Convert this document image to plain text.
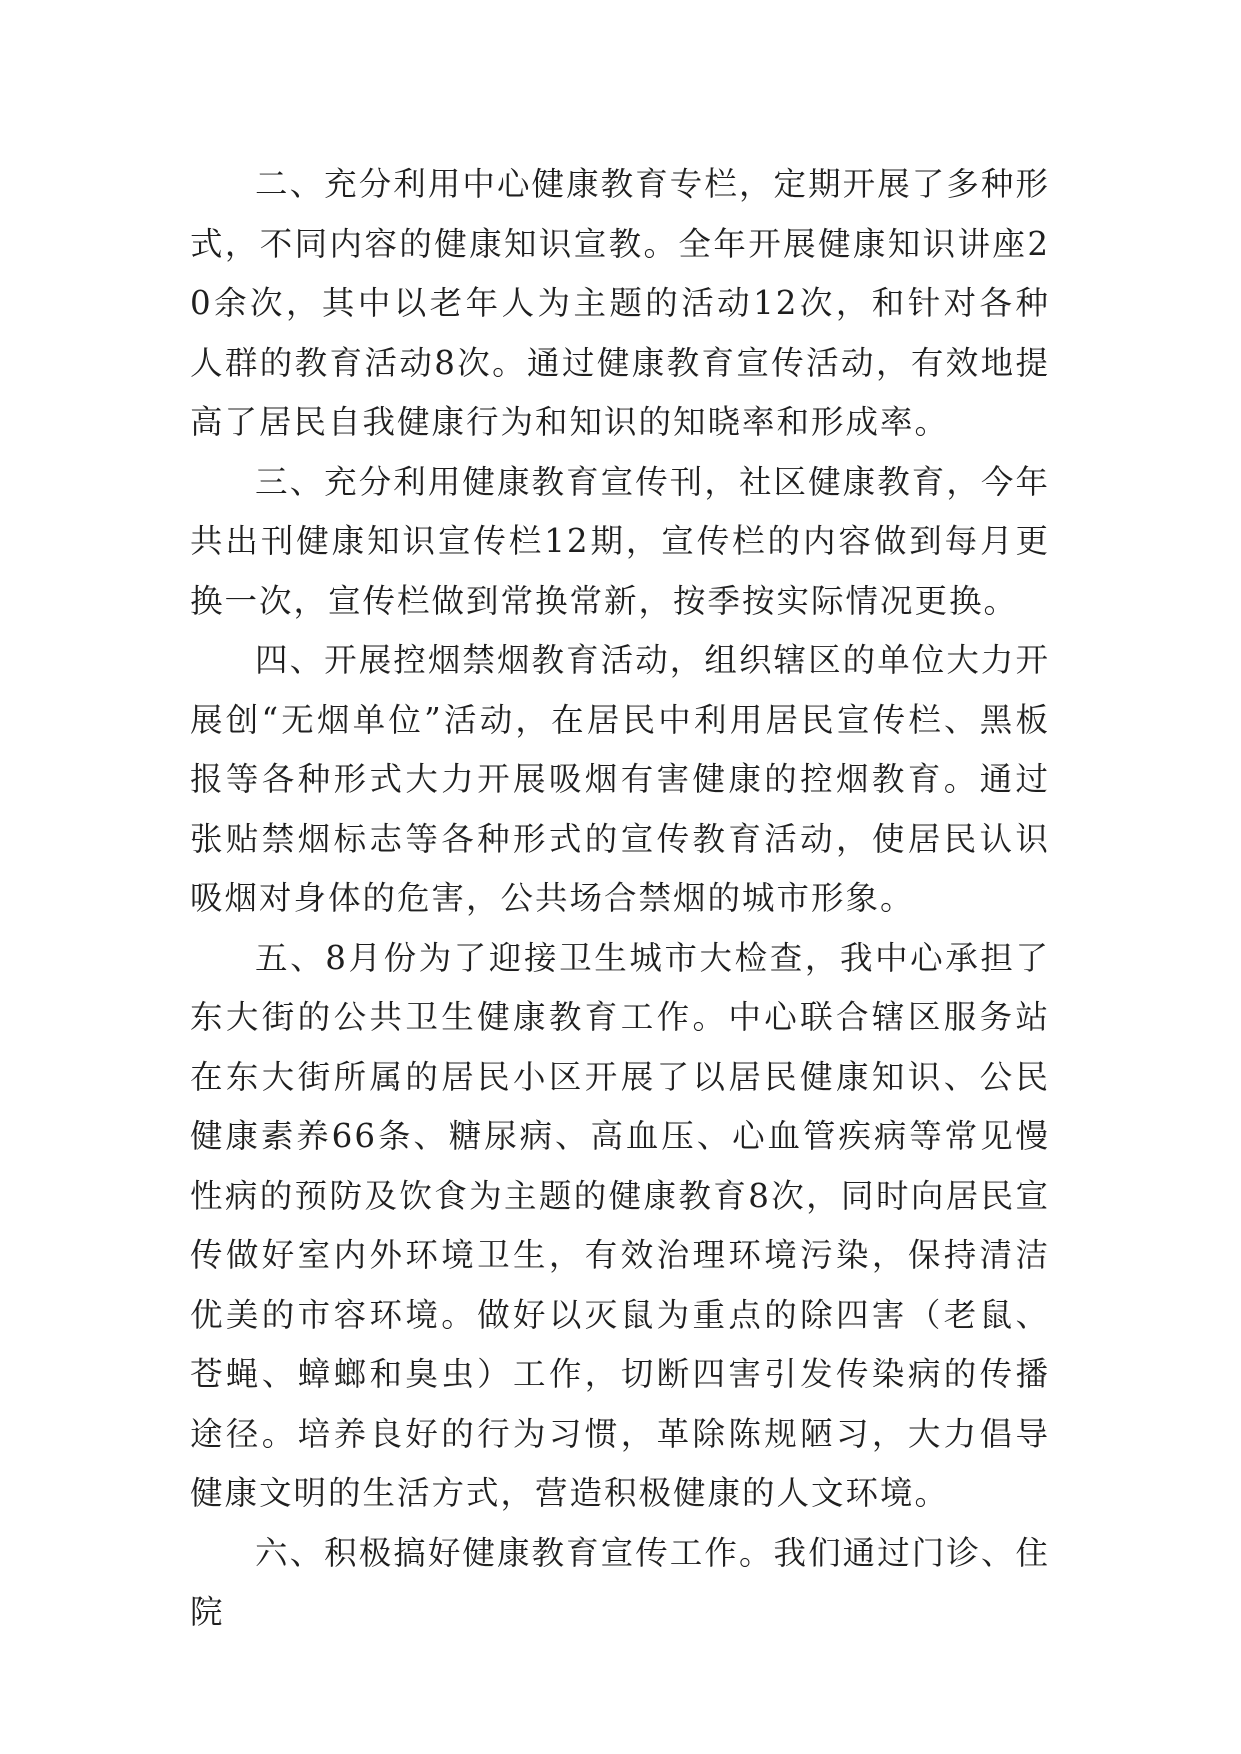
二、充分利用中心健康教育专栏，定期开展了多种形式，不同内容的健康知识宣教。全年开展健康知识讲座20余次，其中以老年人为主题的活动12次，和针对各种人群的教育活动8次。通过健康教育宣传活动，有效地提高了居民自我健康行为和知识的知晓率和形成率。

三、充分利用健康教育宣传刊，社区健康教育，今年共出刊健康知识宣传栏12期，宣传栏的内容做到每月更换一次，宣传栏做到常换常新，按季按实际情况更换。

四、开展控烟禁烟教育活动，组织辖区的单位大力开展创“无烟单位”活动，在居民中利用居民宣传栏、黑板报等各种形式大力开展吸烟有害健康的控烟教育。通过张贴禁烟标志等各种形式的宣传教育活动，使居民认识吸烟对身体的危害，公共场合禁烟的城市形象。

五、8月份为了迎接卫生城市大检查，我中心承担了东大街的公共卫生健康教育工作。中心联合辖区服务站在东大街所属的居民小区开展了以居民健康知识、公民健康素养66条、糖尿病、高血压、心血管疾病等常见慢性病的预防及饮食为主题的健康教育8次，同时向居民宣传做好室内外环境卫生，有效治理环境污染，保持清洁优美的市容环境。做好以灭鼠为重点的除四害（老鼠、苍蝇、蟑螂和臭虫）工作，切断四害引发传染病的传播途径。培养良好的行为习惯，革除陈规陋习，大力倡导健康文明的生活方式，营造积极健康的人文环境。

六、积极搞好健康教育宣传工作。我们通过门诊、住院
